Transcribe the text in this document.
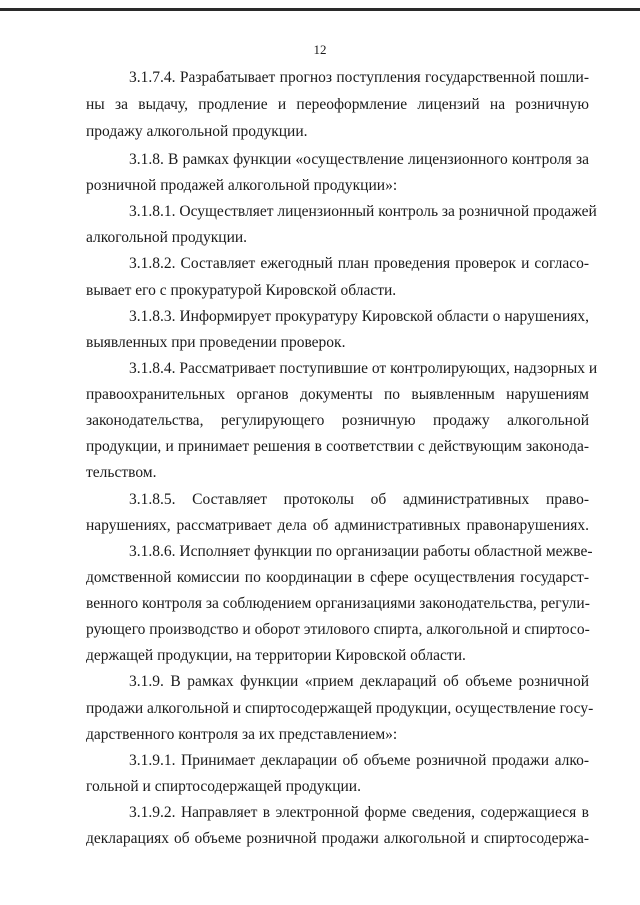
12
3.1.7.4. Разрабатывает прогноз поступления государственной пошли-
ны за выдачу, продление и переоформление лицензий на розничную
продажу алкогольной продукции.
3.1.8. В рамках функции «осуществление лицензионного контроля за
розничной продажей алкогольной продукции»:
3.1.8.1. Осуществляет лицензионный контроль за розничной продажей
алкогольной продукции.
3.1.8.2. Составляет ежегодный план проведения проверок и согласо-
вывает его с прокуратурой Кировской области.
3.1.8.3. Информирует прокуратуру Кировской области о нарушениях,
выявленных при проведении проверок.
3.1.8.4. Рассматривает поступившие от контролирующих, надзорных и
правоохранительных органов документы по выявленным нарушениям
законодательства, регулирующего розничную продажу алкогольной
продукции, и принимает решения в соответствии с действующим законода-
тельством.
3.1.8.5. Составляет протоколы об административных право-
нарушениях, рассматривает дела об административных правонарушениях.
3.1.8.6. Исполняет функции по организации работы областной межве-
домственной комиссии по координации в сфере осуществления государст-
венного контроля за соблюдением организациями законодательства, регули-
рующего производство и оборот этилового спирта, алкогольной и спиртосо-
держащей продукции, на территории Кировской области.
3.1.9. В рамках функции «прием деклараций об объеме розничной
продажи алкогольной и спиртосодержащей продукции, осуществление госу-
дарственного контроля за их представлением»:
3.1.9.1. Принимает декларации об объеме розничной продажи алко-
гольной и спиртосодержащей продукции.
3.1.9.2. Направляет в электронной форме сведения, содержащиеся в
декларациях об объеме розничной продажи алкогольной и спиртосодержа-
